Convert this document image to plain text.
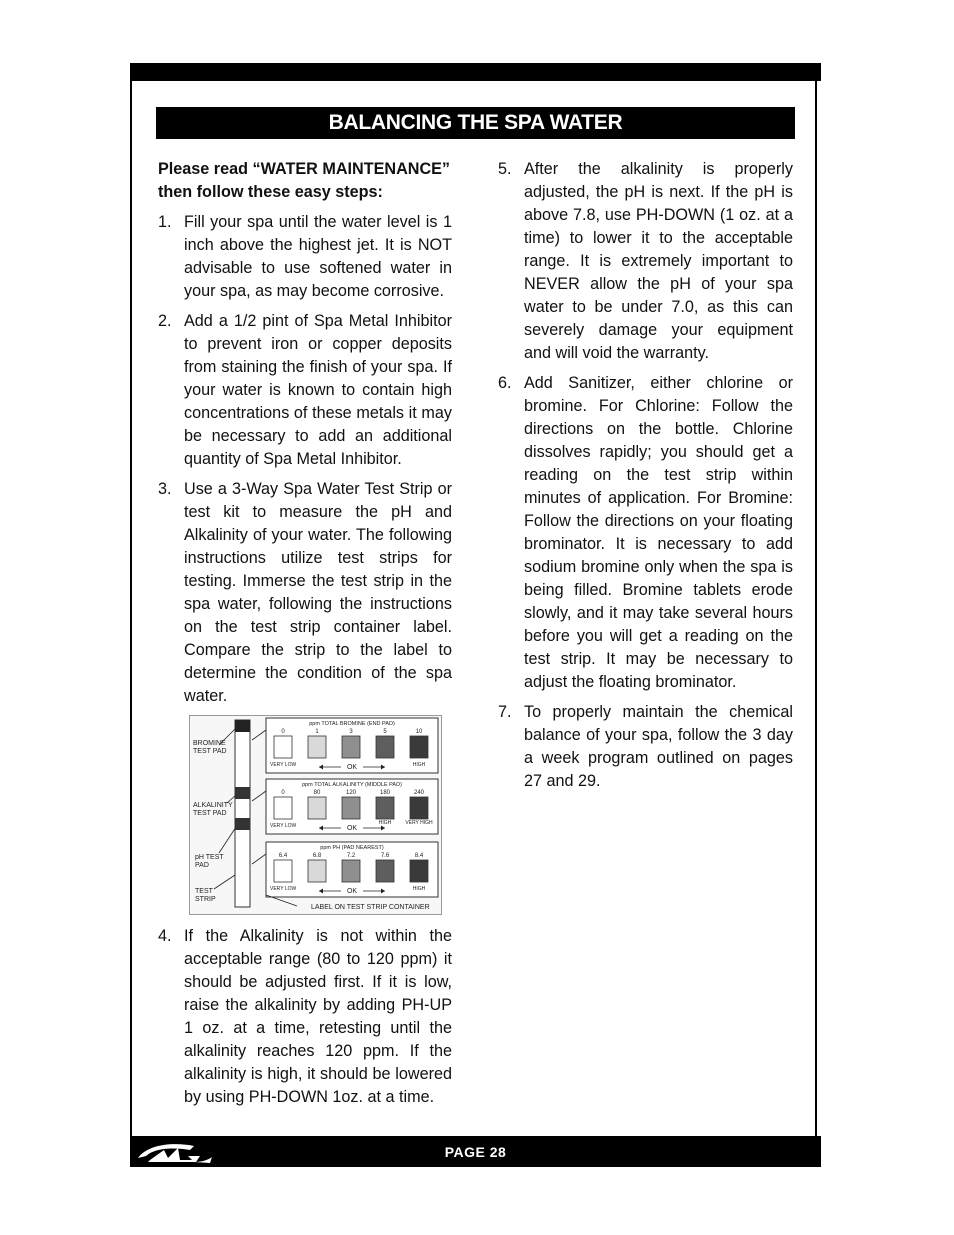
BALANCING THE SPA WATER

Please read “WATER MAINTENANCE” then follow these easy steps:

1. Fill your spa until the water level is 1 inch above the highest jet. It is NOT advisable to use softened water in your spa, as may become corrosive.
2. Add a 1/2 pint of Spa Metal Inhibitor to prevent iron or copper deposits from staining the finish of your spa. If your water is known to contain high concentrations of these metals it may be necessary to add an additional quantity of Spa Metal Inhibitor.
3. Use a 3-Way Spa Water Test Strip or test kit to measure the pH and Alkalinity of your water. The following instructions utilize test strips for testing. Immerse the test strip in the spa water, following the instructions on the test strip container label. Compare the strip to the label to determine the condition of the spa water.
BROMINE TEST PAD
ALKALINITY TEST PAD
pH TEST PAD
TEST STRIP
ppm TOTAL BROMINE (END PAD)
0	1	3	5	10
VERY LOW	OK	HIGH
ppm TOTAL ALKALINITY (MIDDLE PAD)
0	80	120	180	240
VERY LOW	OK
HIGH	VERY HIGH
ppm PH (PAD NEAREST)
6.4	6.8	7.2	7.6	8.4
VERY LOW	OK	HIGH
LABEL ON TEST STRIP CONTAINER
4. If the Alkalinity is not within the acceptable range (80 to 120 ppm) it should be adjusted first. If it is low, raise the alkalinity by adding PH-UP 1 oz. at a time, retesting until the alkalinity reaches 120 ppm. If the alkalinity is high, it should be lowered by using PH-DOWN 1oz. at a time.
5. After the alkalinity is properly adjusted, the pH is next. If the pH is above 7.8, use PH-DOWN (1 oz. at a time) to lower it to the acceptable range. It is extremely important to NEVER allow the pH of your spa water to be under 7.0, as this can severely damage your equipment and will void the warranty.
6. Add Sanitizer, either chlorine or bromine. For Chlorine: Follow the directions on the bottle. Chlorine dissolves rapidly; you should get a reading on the test strip within minutes of application. For Bromine: Follow the directions on your floating brominator. It is necessary to add sodium bromine only when the spa is being filled. Bromine tablets erode slowly, and it may take several hours before you will get a reading on the test strip. It may be necessary to adjust the floating brominator.
7. To properly maintain the chemical balance of your spa, follow the 3 day a week program outlined on pages 27 and 29.
PAGE 28
